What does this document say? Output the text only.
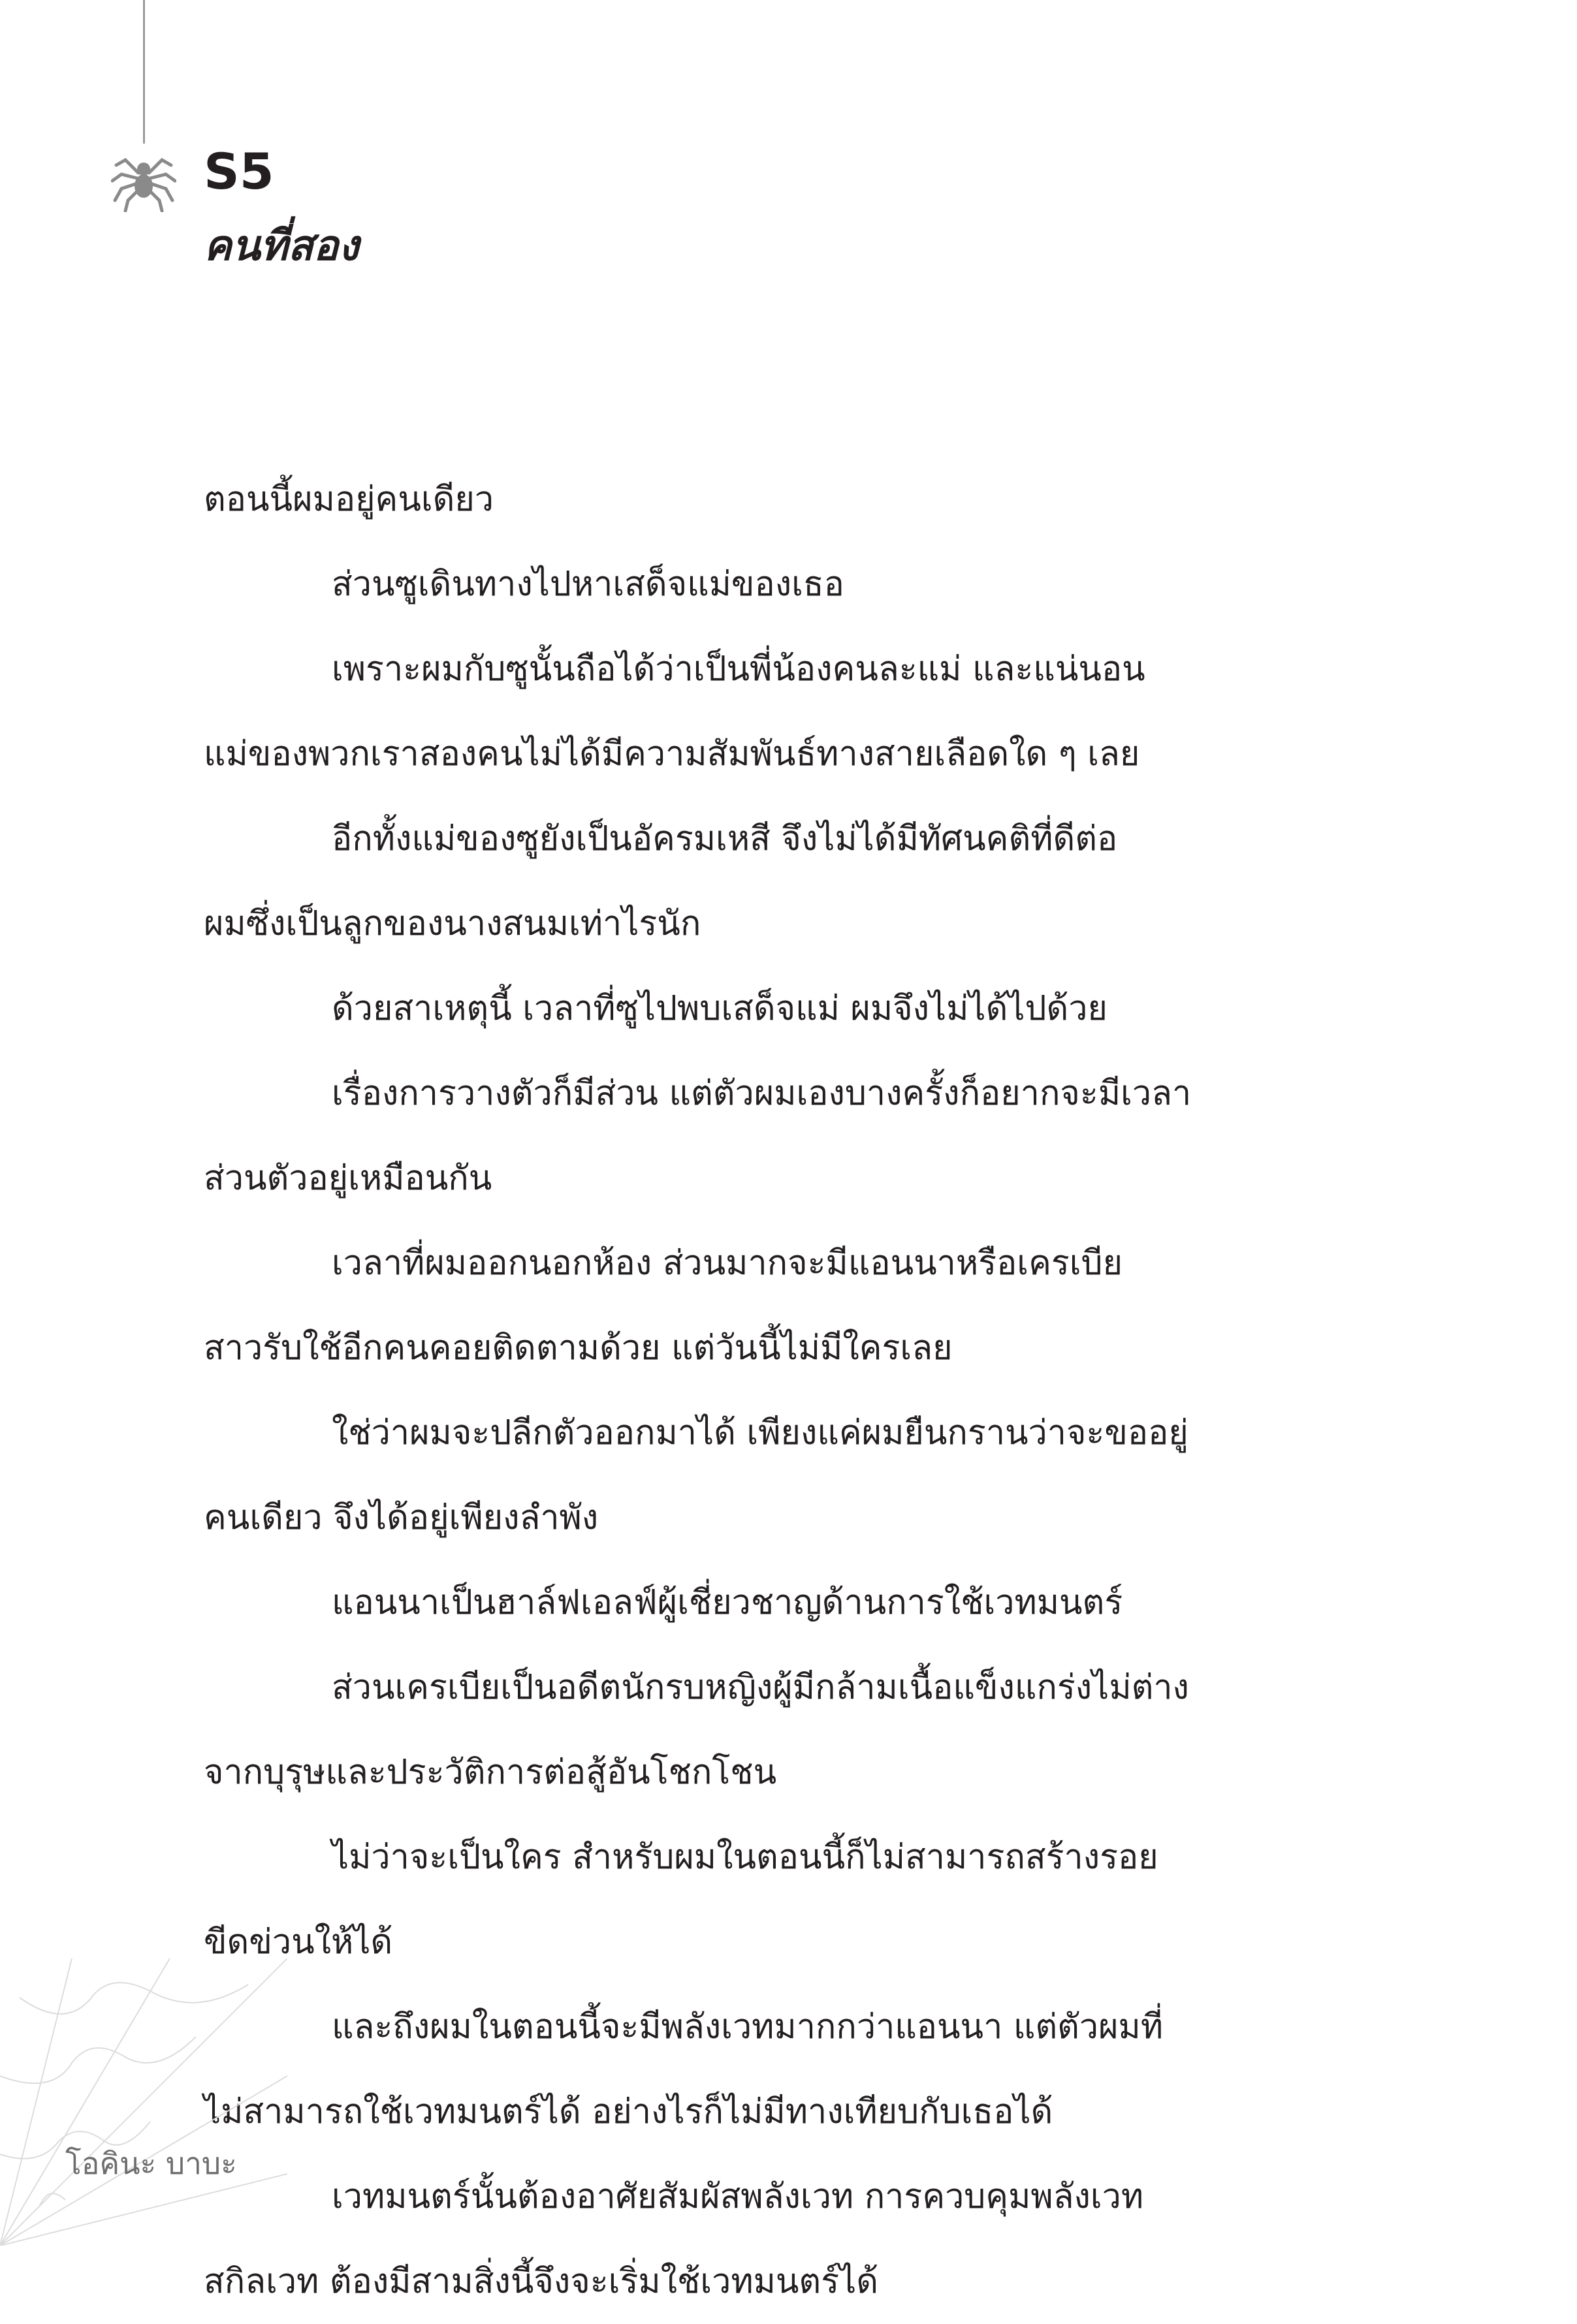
S5
คนที่สอง
ตอนนี้ผมอยู่คนเดียว
ส่วนซูเดินทางไปหาเสด็จแม่ของเธอ
เพราะผมกับซูนั้นถือได้ว่าเป็นพี่น้องคนละแม่ และแน่นอน
แม่ของพวกเราสองคนไม่ได้มีความสัมพันธ์ทางสายเลือดใด ๆ เลย
อีกทั้งแม่ของซูยังเป็นอัครมเหสี จึงไม่ได้มีทัศนคติที่ดีต่อ
ผมซึ่งเป็นลูกของนางสนมเท่าไรนัก
ด้วยสาเหตุนี้ เวลาที่ซูไปพบเสด็จแม่ ผมจึงไม่ได้ไปด้วย
เรื่องการวางตัวก็มีส่วน แต่ตัวผมเองบางครั้งก็อยากจะมีเวลา
ส่วนตัวอยู่เหมือนกัน
เวลาที่ผมออกนอกห้อง ส่วนมากจะมีแอนนาหรือเครเบีย
สาวรับใช้อีกคนคอยติดตามด้วย แต่วันนี้ไม่มีใครเลย
ใช่ว่าผมจะปลีกตัวออกมาได้ เพียงแค่ผมยืนกรานว่าจะขออยู่
คนเดียว จึงได้อยู่เพียงลำพัง
แอนนาเป็นฮาล์ฟเอลฟ์ผู้เชี่ยวชาญด้านการใช้เวทมนตร์
ส่วนเครเบียเป็นอดีตนักรบหญิงผู้มีกล้ามเนื้อแข็งแกร่งไม่ต่าง
จากบุรุษและประวัติการต่อสู้อันโชกโชน
ไม่ว่าจะเป็นใคร สำหรับผมในตอนนี้ก็ไม่สามารถสร้างรอย
ขีดข่วนให้ได้
และถึงผมในตอนนี้จะมีพลังเวทมากกว่าแอนนา แต่ตัวผมที่
ไม่สามารถใช้เวทมนตร์ได้ อย่างไรก็ไม่มีทางเทียบกับเธอได้
เวทมนตร์นั้นต้องอาศัยสัมผัสพลังเวท การควบคุมพลังเวท
สกิลเวท ต้องมีสามสิ่งนี้จึงจะเริ่มใช้เวทมนตร์ได้
โอคินะ บาบะ
